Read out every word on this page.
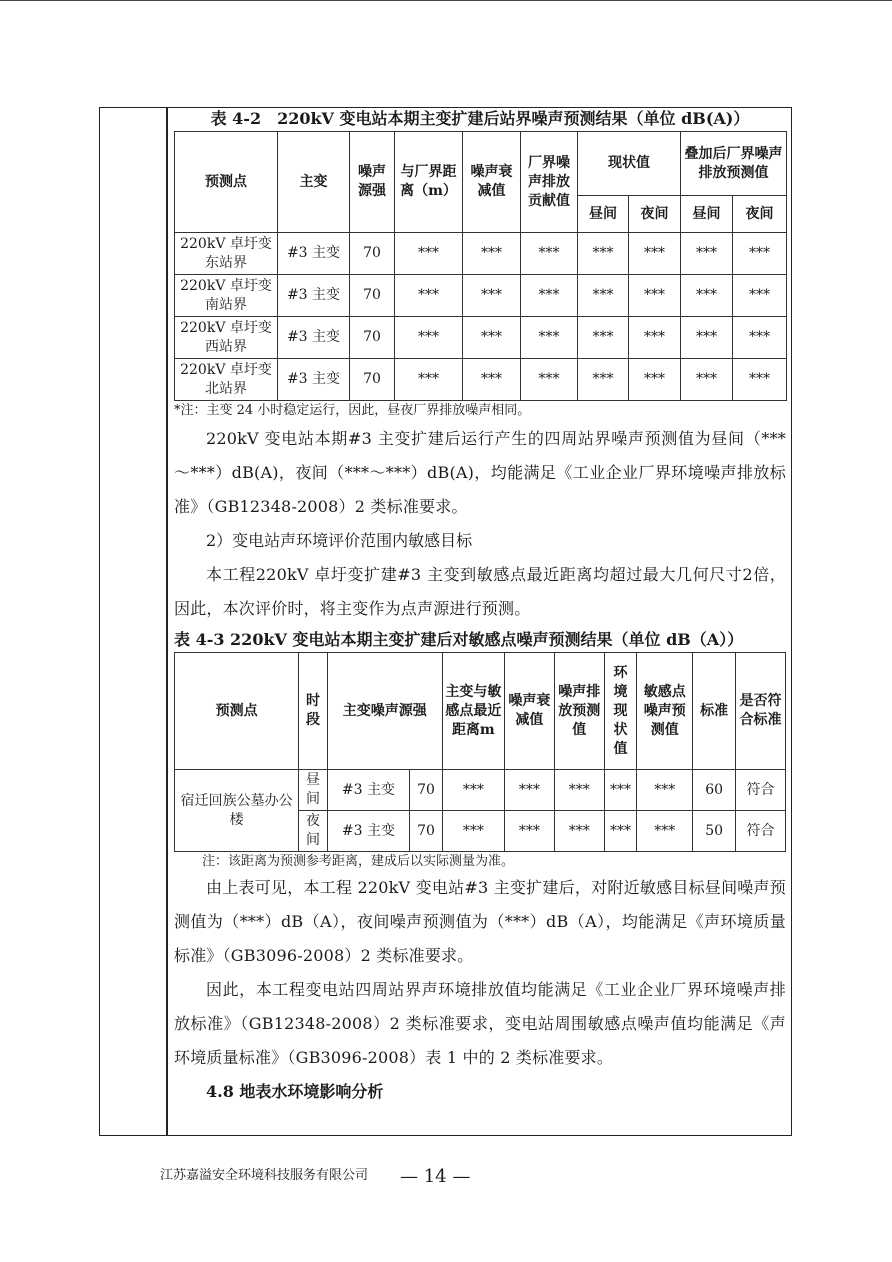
表 4-2　220kV 变电站本期主变扩建后站界噪声预测结果（单位 dB(A)）
预测点	主变	噪声源强	与厂界距离（m）	噪声衰减值	厂界噪声排放贡献值	现状值		叠加后厂界噪声排放预测值	
						昼间	夜间	昼间	夜间
220kV 卓圩变东站界	#3 主变	70	***	***	***	***	***	***	***
220kV 卓圩变南站界	#3 主变	70	***	***	***	***	***	***	***
220kV 卓圩变西站界	#3 主变	70	***	***	***	***	***	***	***
220kV 卓圩变北站界	#3 主变	70	***	***	***	***	***	***	***
*注：主变 24 小时稳定运行，因此，昼夜厂界排放噪声相同。
220kV 变电站本期#3 主变扩建后运行产生的四周站界噪声预测值为昼间（***～***）dB(A)，夜间（***～***）dB(A)，均能满足《工业企业厂界环境噪声排放标准》（GB12348-2008）2 类标准要求。
2）变电站声环境评价范围内敏感目标
本工程220kV 卓圩变扩建#3 主变到敏感点最近距离均超过最大几何尺寸2倍，因此，本次评价时，将主变作为点声源进行预测。
表 4-3 220kV 变电站本期主变扩建后对敏感点噪声预测结果（单位 dB（A））
预测点	时段	主变噪声源强		主变与敏感点最近距离m	噪声衰减值	噪声排放预测值	环境现状值	敏感点噪声预测值	标准	是否符合标准
宿迁回族公墓办公楼	昼间	#3 主变	70	***	***	***	***	***	60	符合
	夜间	#3 主变	70	***	***	***	***	***	50	符合
注：该距离为预测参考距离，建成后以实际测量为准。
由上表可见，本工程 220kV 变电站#3 主变扩建后，对附近敏感目标昼间噪声预测值为（***）dB（A），夜间噪声预测值为（***）dB（A），均能满足《声环境质量标准》（GB3096-2008）2 类标准要求。
因此，本工程变电站四周站界声环境排放值均能满足《工业企业厂界环境噪声排放标准》（GB12348-2008）2 类标准要求，变电站周围敏感点噪声值均能满足《声环境质量标准》（GB3096-2008）表 1 中的 2 类标准要求。
4.8 地表水环境影响分析
江苏嘉溢安全环境科技服务有限公司 — 14 —
